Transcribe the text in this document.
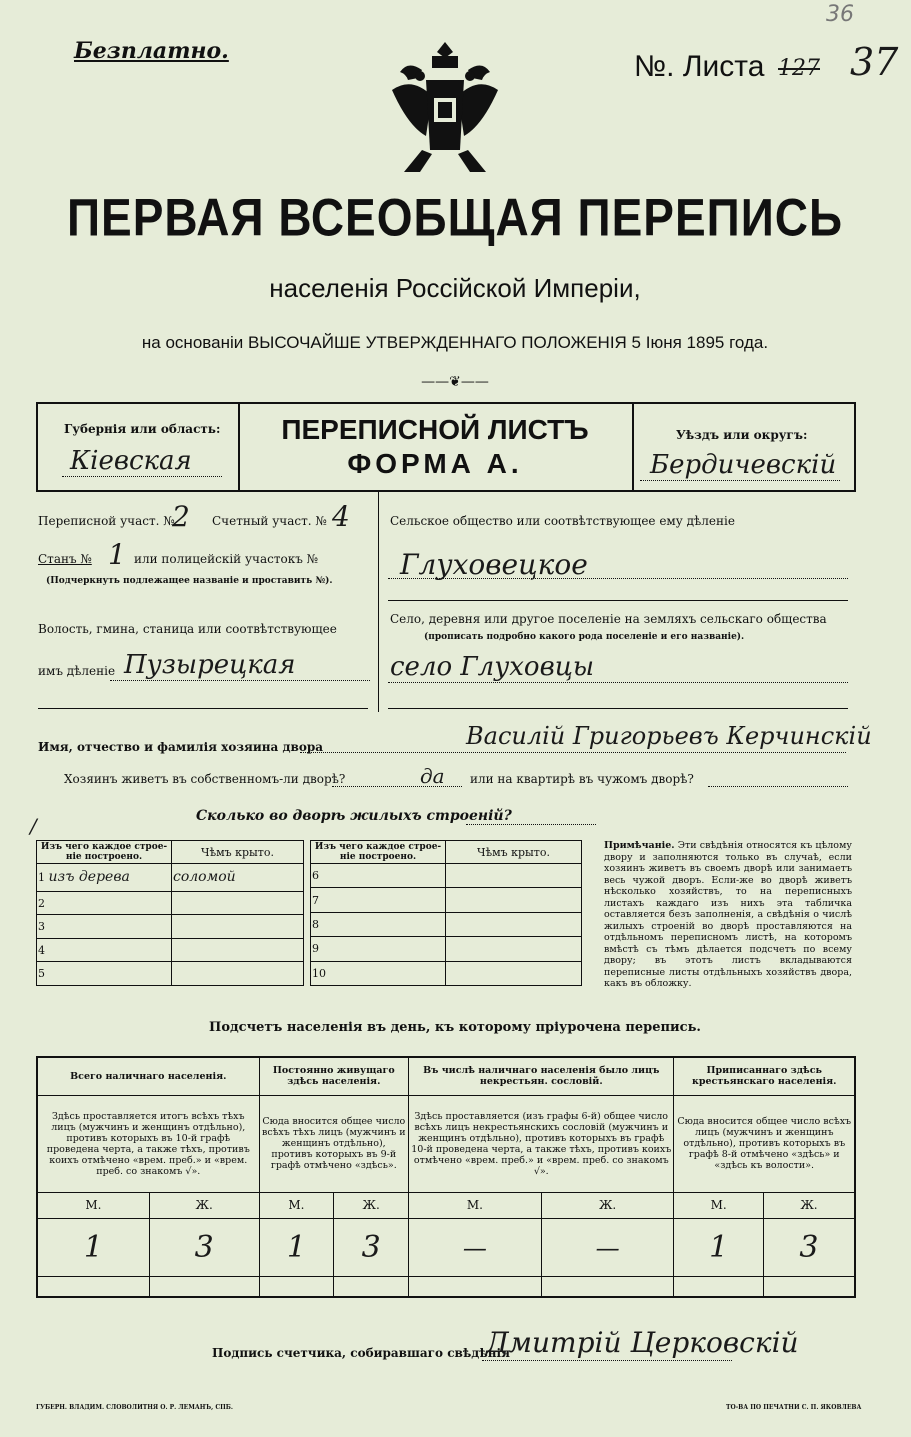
Безплатно.	№. Листа 127 37
36
ПЕРВАЯ ВСЕОБЩАЯ ПЕРЕПИСЬ
населенія Россійской Имперіи,
на основаніи ВЫСОЧАЙШЕ УТВЕРЖДЕННАГО ПОЛОЖЕНІЯ 5 Іюня 1895 года.
——❦——
Губернія или область:
Кiевская
ПЕРЕПИСНОЙ ЛИСТЪ
ФОРМА А.
Уѣздъ или округъ:
Бердичевскiй
Переписной участ. №
2 Счетный участ. № 4
Станъ № 1 или полицейскій участокъ №
(Подчеркнуть подлежащее названіе и проставить №).
Волость, гмина, станица или соотвѣтствующее
имъ дѣленіе Пузырецкая
Сельское общество или соотвѣтствующее ему дѣленіе
Глуховецкое
Село, деревня или другое поселеніе на земляхъ сельскаго общества
(прописать подробно какого рода поселеніе и его названіе).
село Глуховцы
Имя, отчество и фамилія хозяина двора	Василiй Григорьевъ Керчинскiй
Хозяинъ живетъ въ собственномъ-ли дворѣ?	да или на квартирѣ въ чужомъ дворѣ?
Сколько во дворѣ жилыхъ строеній?
/
Изъ чего каждое строе-ніе построено.	Чѣмъ крыто.
1 изъ дерева	соломой
2	
3	
4	
5	
Изъ чего каждое строе-ніе построено.	Чѣмъ крыто.
6	
7	
8	
9	
10	
Примѣчаніе. Эти свѣдѣнія относятся къ цѣлому двору и заполняются только въ случаѣ, если хозяинъ живетъ въ своемъ дворѣ или занимаетъ весь чужой дворъ. Если-же во дворѣ живетъ нѣсколько хозяйствъ, то на переписныхъ листахъ каждаго изъ нихъ эта табличка оставляется безъ заполненія, а свѣдѣнія о числѣ жилыхъ строеній во дворѣ проставляются на отдѣльномъ переписномъ листѣ, на которомъ вмѣстѣ съ тѣмъ дѣлается подсчетъ по всему двору; въ этотъ листъ вкладываются переписные листы отдѣльныхъ хозяйствъ двора, какъ въ обложку.
Подсчетъ населенія въ день, къ которому пріурочена перепись.
Всего наличнаго населенія.		Постоянно живущаго здѣсь населенія.		Въ числѣ наличнаго населенія было лицъ некрестьян. сословій.		Приписаннаго здѣсь крестьянскаго населенія.	
Здѣсь проставляется итогъ всѣхъ тѣхъ лицъ (мужчинъ и женщинъ отдѣльно), противъ которыхъ въ 10-й графѣ проведена черта, а также тѣхъ, противъ коихъ отмѣчено «врем. преб.» и «врем. преб. со знакомъ √».		Сюда вносится общее число всѣхъ тѣхъ лицъ (мужчинъ и женщинъ отдѣльно), противъ которыхъ въ 9-й графѣ отмѣчено «здѣсь».		Здѣсь проставляется (изъ графы 6-й) общее число всѣхъ лицъ некрестьянскихъ сословій (мужчинъ и женщинъ отдѣльно), противъ которыхъ въ графѣ 10-й проведена черта, а также тѣхъ, противъ коихъ отмѣчено «врем. преб.» и «врем. преб. со знакомъ √».		Сюда вносится общее число всѣхъ лицъ (мужчинъ и женщинъ отдѣльно), противъ которыхъ въ графѣ 8-й отмѣчено «здѣсь» и «здѣсь къ волости».	
М.	Ж.	М.	Ж.	М.	Ж.	М.	Ж.
1	3	1	3	—	—	1	3

Подпись счетчика, собиравшаго свѣдѣнія
Дмитрiй Церковскiй
ГУБЕРН. ВЛАДИМ. СЛОВОЛИТНЯ О. Р. ЛЕМАНЪ, СПБ.	ТО-ВА ПО ПЕЧАТНИ С. П. ЯКОВЛЕВА
